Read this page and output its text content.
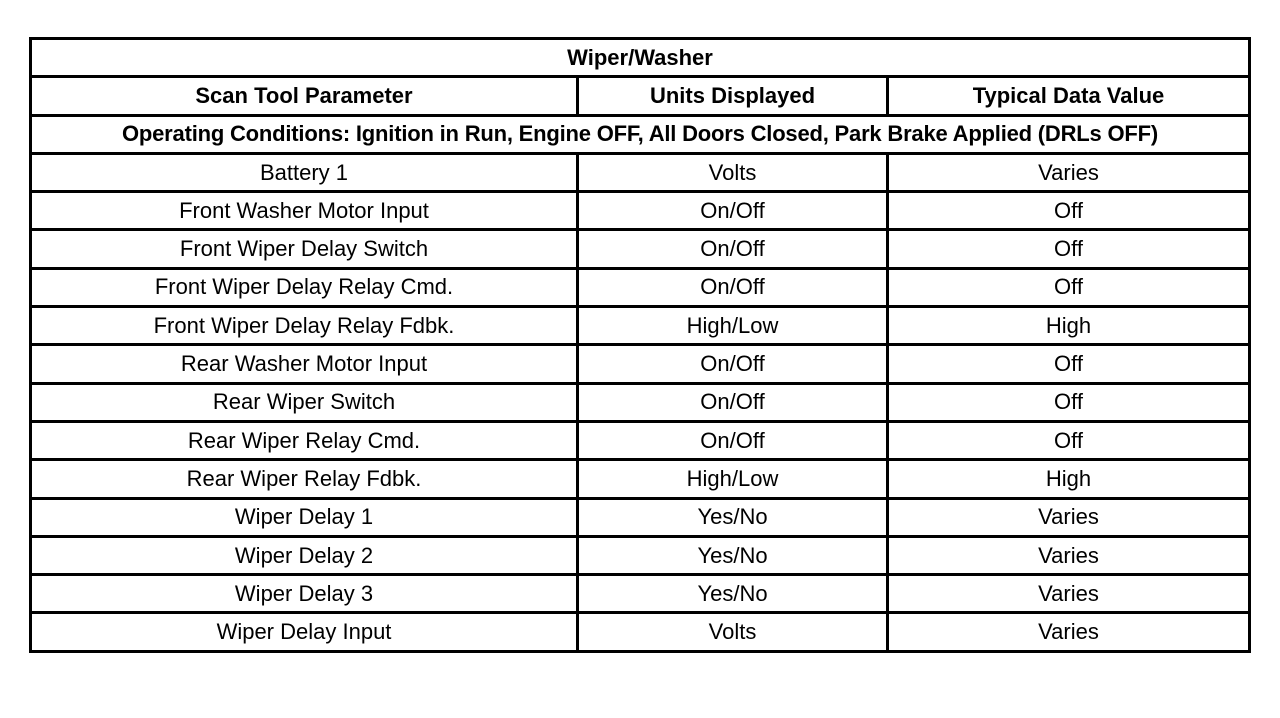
Wiper/Washer		
Scan Tool Parameter	Units Displayed	Typical Data Value
Operating Conditions: Ignition in Run, Engine OFF, All Doors Closed, Park Brake Applied (DRLs OFF)		
Battery 1	Volts	Varies
Front Washer Motor Input	On/Off	Off
Front Wiper Delay Switch	On/Off	Off
Front Wiper Delay Relay Cmd.	On/Off	Off
Front Wiper Delay Relay Fdbk.	High/Low	High
Rear Washer Motor Input	On/Off	Off
Rear Wiper Switch	On/Off	Off
Rear Wiper Relay Cmd.	On/Off	Off
Rear Wiper Relay Fdbk.	High/Low	High
Wiper Delay 1	Yes/No	Varies
Wiper Delay 2	Yes/No	Varies
Wiper Delay 3	Yes/No	Varies
Wiper Delay Input	Volts	Varies
